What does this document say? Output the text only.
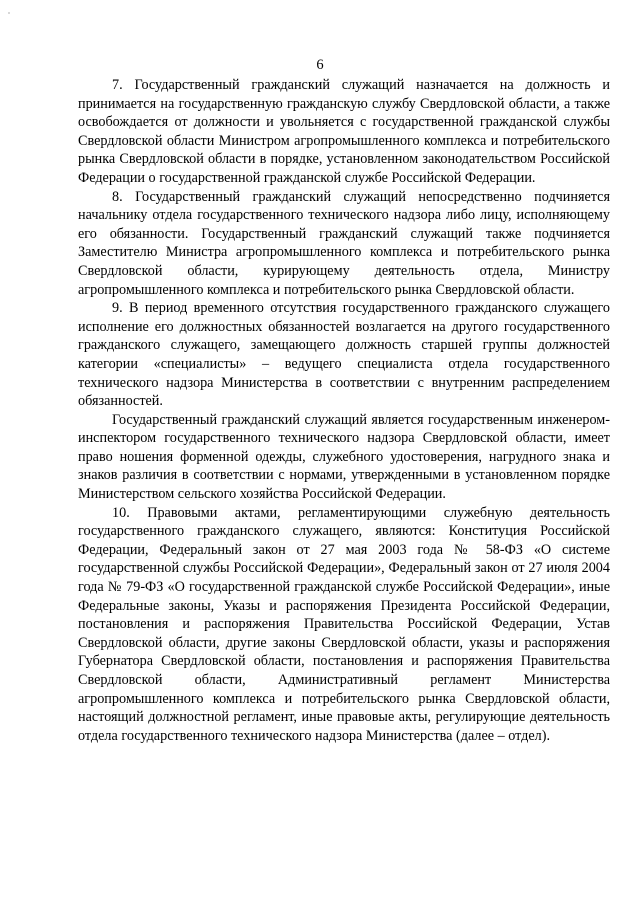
6

7. Государственный гражданский служащий назначается на должность и принимается на государственную гражданскую службу Свердловской области, а также освобождается от должности и увольняется с государственной гражданской службы Свердловской области Министром агропромышленного комплекса и потребительского рынка Свердловской области в порядке, установленном законодательством Российской Федерации о государственной гражданской службе Российской Федерации.

8. Государственный гражданский служащий непосредственно подчиняется начальнику отдела государственного технического надзора либо лицу, исполняющему его обязанности. Государственный гражданский служащий также подчиняется Заместителю Министра агропромышленного комплекса и потребительского рынка Свердловской области, курирующему деятельность отдела, Министру агропромышленного комплекса и потребительского рынка Свердловской области.

9. В период временного отсутствия государственного гражданского служащего исполнение его должностных обязанностей возлагается на другого государственного гражданского служащего, замещающего должность старшей группы должностей категории «специалисты» – ведущего специалиста отдела государственного технического надзора Министерства в соответствии с внутренним распределением обязанностей.

Государственный гражданский служащий является государственным инженером-инспектором государственного технического надзора Свердловской области, имеет право ношения форменной одежды, служебного удостоверения, нагрудного знака и знаков различия в соответствии с нормами, утвержденными в установленном порядке Министерством сельского хозяйства Российской Федерации.

10. Правовыми актами, регламентирующими служебную деятельность государственного гражданского служащего, являются: Конституция Российской Федерации, Федеральный закон от 27 мая 2003 года № 58-ФЗ «О системе государственной службы Российской Федерации», Федеральный закон от 27 июля 2004 года № 79-ФЗ «О государственной гражданской службе Российской Федерации», иные Федеральные законы, Указы и распоряжения Президента Российской Федерации, постановления и распоряжения Правительства Российской Федерации, Устав Свердловской области, другие законы Свердловской области, указы и распоряжения Губернатора Свердловской области, постановления и распоряжения Правительства Свердловской области, Административный регламент Министерства агропромышленного комплекса и потребительского рынка Свердловской области, настоящий должностной регламент, иные правовые акты, регулирующие деятельность отдела государственного технического надзора Министерства (далее – отдел).
